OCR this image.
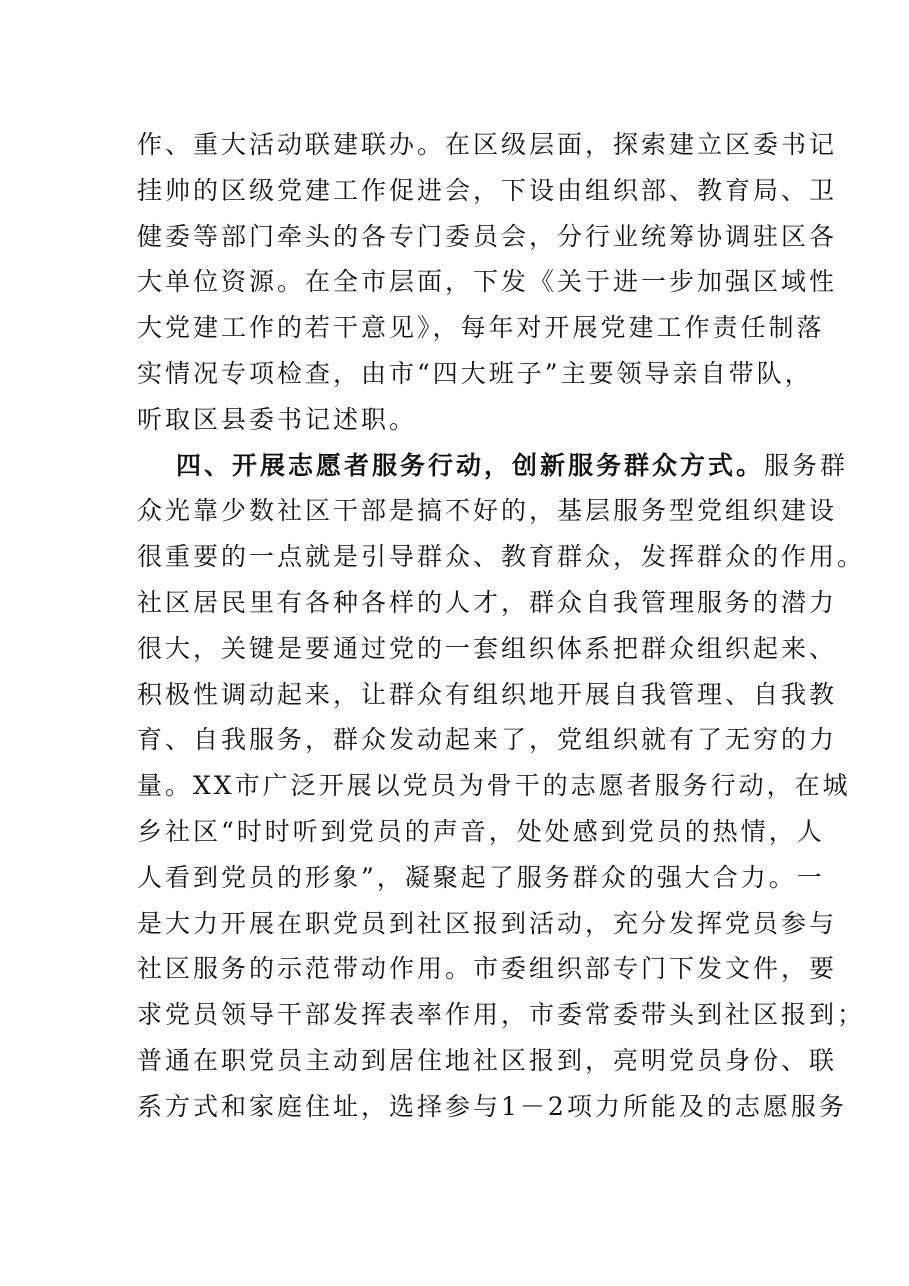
作、重大活动联建联办。在区级层面，探索建立区委书记
挂帅的区级党建工作促进会，下设由组织部、教育局、卫
健委等部门牵头的各专门委员会，分行业统筹协调驻区各
大单位资源。在全市层面，下发《关于进一步加强区域性
大党建工作的若干意见》，每年对开展党建工作责任制落
实情况专项检查，由市“四大班子”主要领导亲自带队，
听取区县委书记述职。
四、开展志愿者服务行动，创新服务群众方式。服务群
众光靠少数社区干部是搞不好的，基层服务型党组织建设
很重要的一点就是引导群众、教育群众，发挥群众的作用。
社区居民里有各种各样的人才，群众自我管理服务的潜力
很大，关键是要通过党的一套组织体系把群众组织起来、
积极性调动起来，让群众有组织地开展自我管理、自我教
育、自我服务，群众发动起来了，党组织就有了无穷的力
量。XX市广泛开展以党员为骨干的志愿者服务行动，在城
乡社区“时时听到党员的声音，处处感到党员的热情，人
人看到党员的形象”，凝聚起了服务群众的强大合力。一
是大力开展在职党员到社区报到活动，充分发挥党员参与
社区服务的示范带动作用。市委组织部专门下发文件，要
求党员领导干部发挥表率作用，市委常委带头到社区报到；
普通在职党员主动到居住地社区报到，亮明党员身份、联
系方式和家庭住址，选择参与1－2项力所能及的志愿服务
